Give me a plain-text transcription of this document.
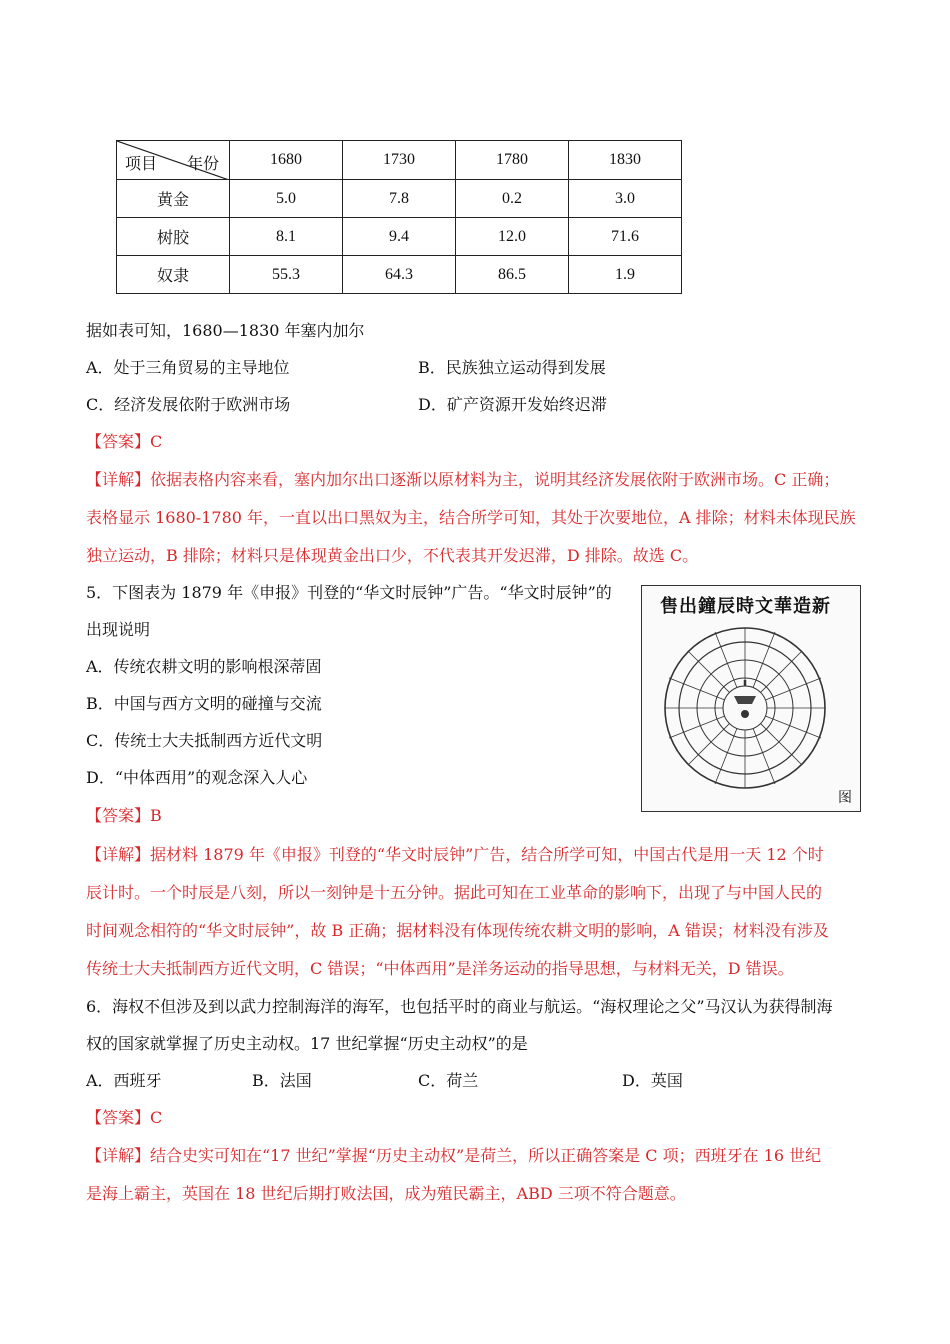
项目 年份	1680	1730	1780	1830
黄金	5.0	7.8	0.2	3.0
树胶	8.1	9.4	12.0	71.6
奴隶	55.3	64.3	86.5	1.9
据如表可知，1680—1830 年塞内加尔
A．处于三角贸易的主导地位	B．民族独立运动得到发展
C．经济发展依附于欧洲市场	D．矿产资源开发始终迟滞
【答案】C
【详解】依据表格内容来看，塞内加尔出口逐渐以原材料为主，说明其经济发展依附于欧洲市场。C 正确；
表格显示 1680-1780 年，一直以出口黑奴为主，结合所学可知，其处于次要地位，A 排除；材料未体现民族
独立运动，B 排除；材料只是体现黄金出口少，不代表其开发迟滞，D 排除。故选 C。
5．下图表为 1879 年《申报》刊登的“华文时辰钟”广告。“华文时辰钟”的
出现说明
A．传统农耕文明的影响根深蒂固
B．中国与西方文明的碰撞与交流
C．传统士大夫抵制西方近代文明
D．“中体西用”的观念深入人心
新造華文時辰鐘出售
图
【答案】B
【详解】据材料 1879 年《申报》刊登的“华文时辰钟”广告，结合所学可知，中国古代是用一天 12 个时
辰计时。一个时辰是八刻，所以一刻钟是十五分钟。据此可知在工业革命的影响下，出现了与中国人民的
时间观念相符的“华文时辰钟”，故 B 正确；据材料没有体现传统农耕文明的影响，A 错误；材料没有涉及
传统士大夫抵制西方近代文明，C 错误；“中体西用”是洋务运动的指导思想，与材料无关，D 错误。
6．海权不但涉及到以武力控制海洋的海军，也包括平时的商业与航运。“海权理论之父”马汉认为获得制海
权的国家就掌握了历史主动权。17 世纪掌握“历史主动权”的是
A．西班牙	B．法国	C．荷兰	D．英国
【答案】C
【详解】结合史实可知在“17 世纪”掌握“历史主动权”是荷兰，所以正确答案是 C 项；西班牙在 16 世纪
是海上霸主，英国在 18 世纪后期打败法国，成为殖民霸主，ABD 三项不符合题意。
